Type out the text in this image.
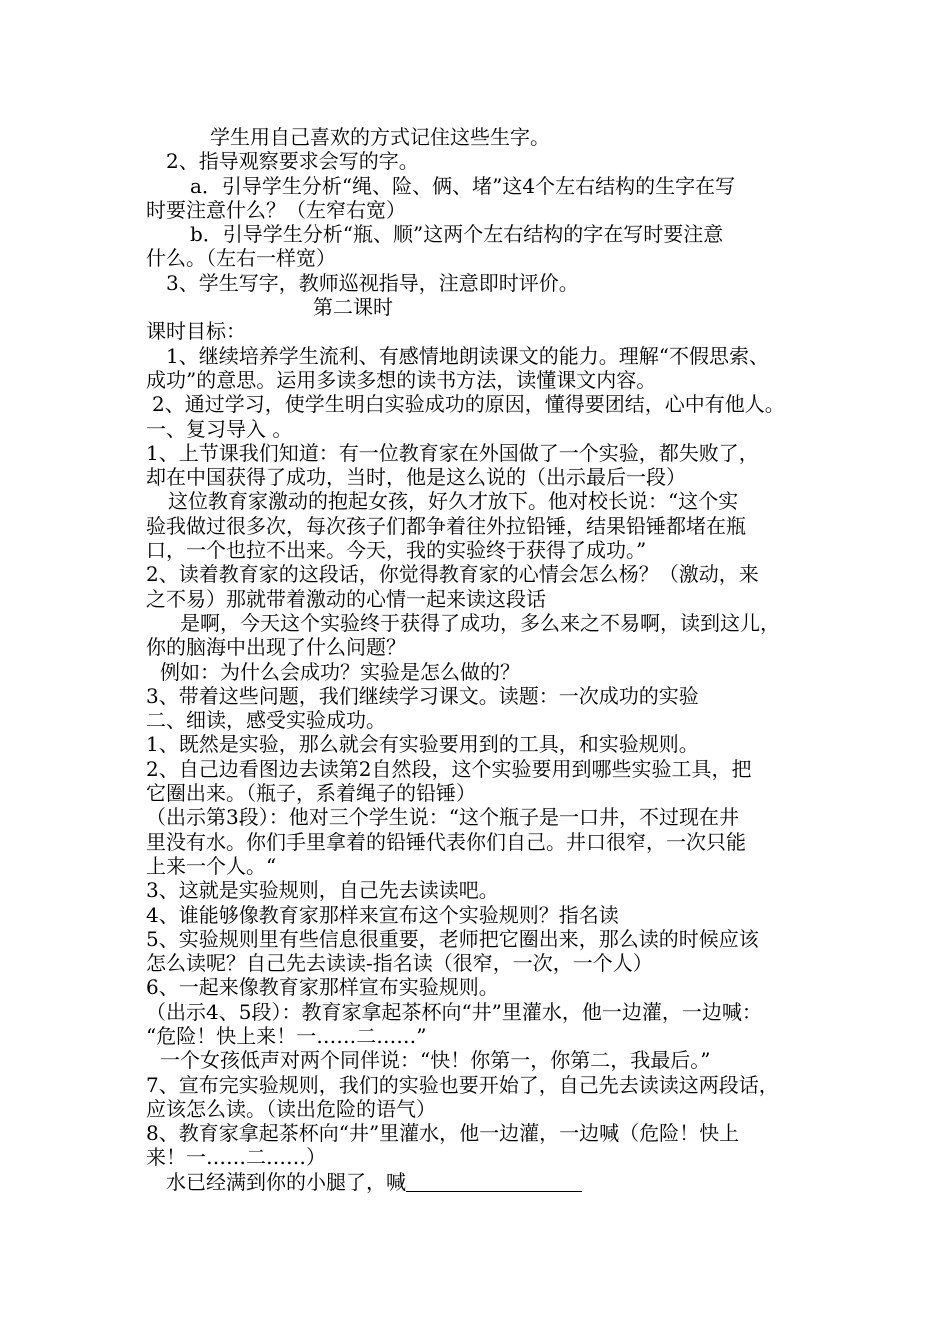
学生用自己喜欢的方式记住这些生字。

2、指导观察要求会写的字。

a．引导学生分析“绳、险、俩、堵”这4个左右结构的生字在写

时要注意什么？（左窄右宽）

b．引导学生分析“瓶、顺”这两个左右结构的字在写时要注意

什么。（左右一样宽）

3、学生写字，教师巡视指导，注意即时评价。

第二课时

课时目标：

1、继续培养学生流利、有感情地朗读课文的能力。理解“不假思索、

成功”的意思。运用多读多想的读书方法，读懂课文内容。

2、通过学习，使学生明白实验成功的原因，懂得要团结，心中有他人。

一、复习导入 。

1、上节课我们知道：有一位教育家在外国做了一个实验，都失败了，

却在中国获得了成功，当时，他是这么说的（出示最后一段）

这位教育家激动的抱起女孩，好久才放下。他对校长说：“这个实

验我做过很多次，每次孩子们都争着往外拉铅锤，结果铅锤都堵在瓶

口，一个也拉不出来。今天，我的实验终于获得了成功。”

2、读着教育家的这段话，你觉得教育家的心情会怎么杨？（激动，来

之不易）那就带着激动的心情一起来读这段话

是啊，今天这个实验终于获得了成功，多么来之不易啊，读到这儿，

你的脑海中出现了什么问题？

例如：为什么会成功？实验是怎么做的？

3、带着这些问题，我们继续学习课文。读题：一次成功的实验

二、细读，感受实验成功。

1、既然是实验，那么就会有实验要用到的工具，和实验规则。

2、自己边看图边去读第2自然段，这个实验要用到哪些实验工具，把

它圈出来。（瓶子，系着绳子的铅锤）

（出示第3段）：他对三个学生说：“这个瓶子是一口井，不过现在井

里没有水。你们手里拿着的铅锤代表你们自己。井口很窄，一次只能

上来一个人。“

3、这就是实验规则，自己先去读读吧。

4、谁能够像教育家那样来宣布这个实验规则？指名读

5、实验规则里有些信息很重要，老师把它圈出来，那么读的时候应该

怎么读呢？自己先去读读-指名读（很窄，一次，一个人）

6、一起来像教育家那样宣布实验规则。

（出示4、5段）：教育家拿起茶杯向“井”里灌水，他一边灌，一边喊：

“危险！快上来！一……二……”

一个女孩低声对两个同伴说：“快！你第一，你第二，我最后。”

7、宣布完实验规则，我们的实验也要开始了，自己先去读读这两段话，

应该怎么读。（读出危险的语气）

8、教育家拿起茶杯向“井”里灌水，他一边灌，一边喊（危险！快上

来！一……二……）

水已经满到你的小腿了，喊
